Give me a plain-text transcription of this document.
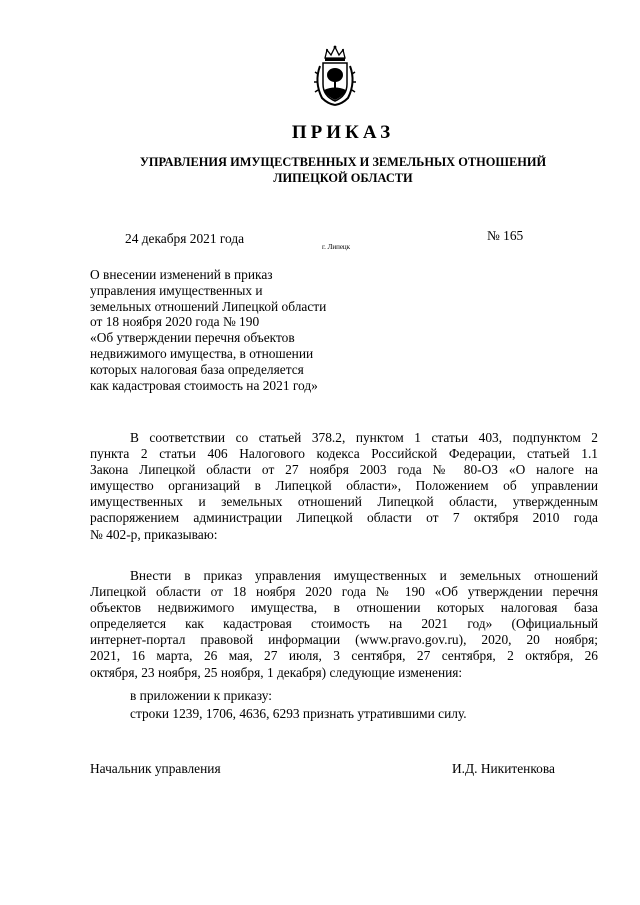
ПРИКАЗ
УПРАВЛЕНИЯ ИМУЩЕСТВЕННЫХ И ЗЕМЕЛЬНЫХ ОТНОШЕНИЙ
ЛИПЕЦКОЙ ОБЛАСТИ
24 декабря 2021 года	№ 165
г. Липецк
О внесении изменений в приказ
управления имущественных и
земельных отношений Липецкой области
от 18 ноября 2020 года № 190
«Об утверждении перечня объектов
недвижимого имущества, в отношении
которых налоговая база определяется
как кадастровая стоимость на 2021 год»
В соответствии со статьей 378.2, пунктом 1 статьи 403, подпунктом 2
пункта 2 статьи 406 Налогового кодекса Российской Федерации, статьей 1.1
Закона Липецкой области от 27 ноября 2003 года № 80-ОЗ «О налоге на
имущество организаций в Липецкой области», Положением об управлении
имущественных и земельных отношений Липецкой области, утвержденным
распоряжением администрации Липецкой области от 7 октября 2010 года
№ 402-р, приказываю:
Внести в приказ управления имущественных и земельных отношений
Липецкой области от 18 ноября 2020 года № 190 «Об утверждении перечня
объектов недвижимого имущества, в отношении которых налоговая база
определяется как кадастровая стоимость на 2021 год» (Официальный
интернет-портал правовой информации (www.pravo.gov.ru), 2020, 20 ноября;
2021, 16 марта, 26 мая, 27 июля, 3 сентября, 27 сентября, 2 октября, 26
октября, 23 ноября, 25 ноября, 1 декабря) следующие изменения:
в приложении к приказу:
строки 1239, 1706, 4636, 6293 признать утратившими силу.
Начальник управления	И.Д. Никитенкова
